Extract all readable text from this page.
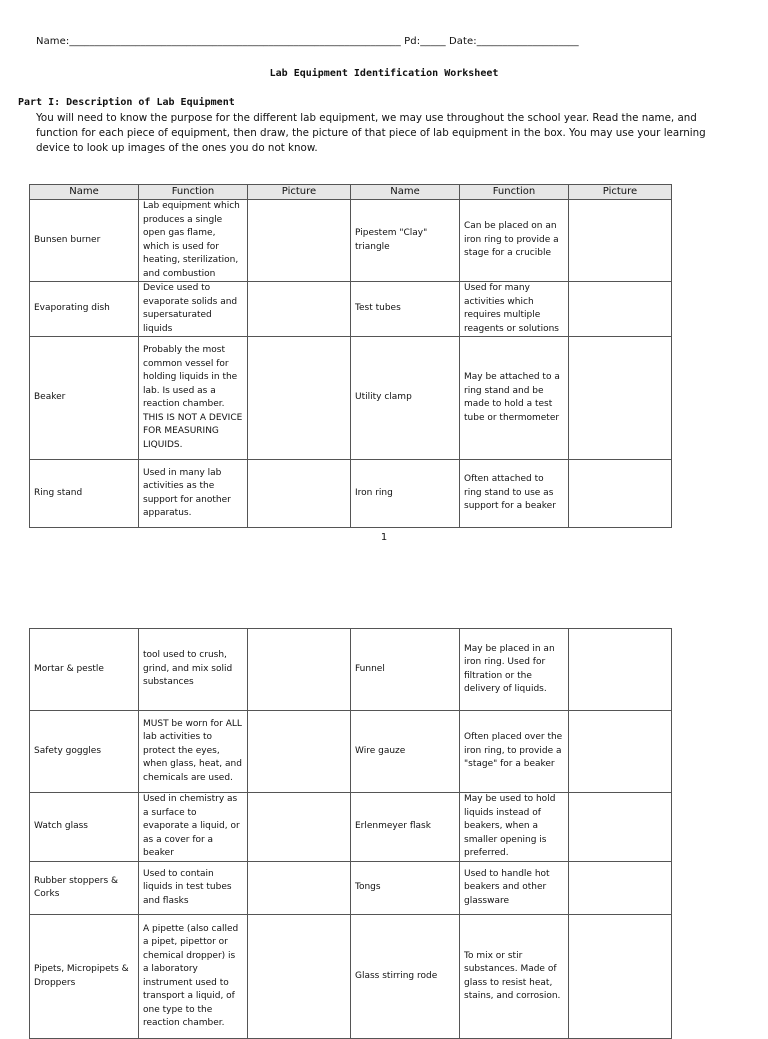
Name:_________________________________________________________________ Pd:_____ Date:____________________
Lab Equipment Identification Worksheet
Part I: Description of Lab Equipment
You will need to know the purpose for the different lab equipment, we may use throughout the school year. Read the name, and function for each piece of equipment, then draw, the picture of that piece of lab equipment in the box. You may use your learning device to look up images of the ones you do not know.
Name	Function	Picture	Name	Function	Picture
Bunsen burner	Lab equipment which produces a single open gas flame, which is used for heating, sterilization, and combustion		Pipestem "Clay" triangle	Can be placed on an iron ring to provide a stage for a crucible	
Evaporating dish	Device used to evaporate solids and supersaturated liquids		Test tubes	Used for many activities which requires multiple reagents or solutions	
Beaker	Probably the most common vessel for holding liquids in the lab. Is used as a reaction chamber. THIS IS NOT A DEVICE FOR MEASURING LIQUIDS.		Utility clamp	May be attached to a ring stand and be made to hold a test tube or thermometer	
Ring stand	Used in many lab activities as the support for another apparatus.		Iron ring	Often attached to ring stand to use as support for a beaker	
1
Mortar & pestle	tool used to crush, grind, and mix solid substances		Funnel	May be placed in an iron ring. Used for filtration or the delivery of liquids.	
Safety goggles	MUST be worn for ALL lab activities to protect the eyes, when glass, heat, and chemicals are used.		Wire gauze	Often placed over the iron ring, to provide a "stage" for a beaker	
Watch glass	Used in chemistry as a surface to evaporate a liquid, or as a cover for a beaker		Erlenmeyer flask	May be used to hold liquids instead of beakers, when a smaller opening is preferred.	
Rubber stoppers & Corks	Used to contain liquids in test tubes and flasks		Tongs	Used to handle hot beakers and other glassware	
Pipets, Micropipets & Droppers	A pipette (also called a pipet, pipettor or chemical dropper) is a laboratory instrument used to transport a liquid, of one type to the reaction chamber.		Glass stirring rode	To mix or stir substances. Made of glass to resist heat, stains, and corrosion.	
